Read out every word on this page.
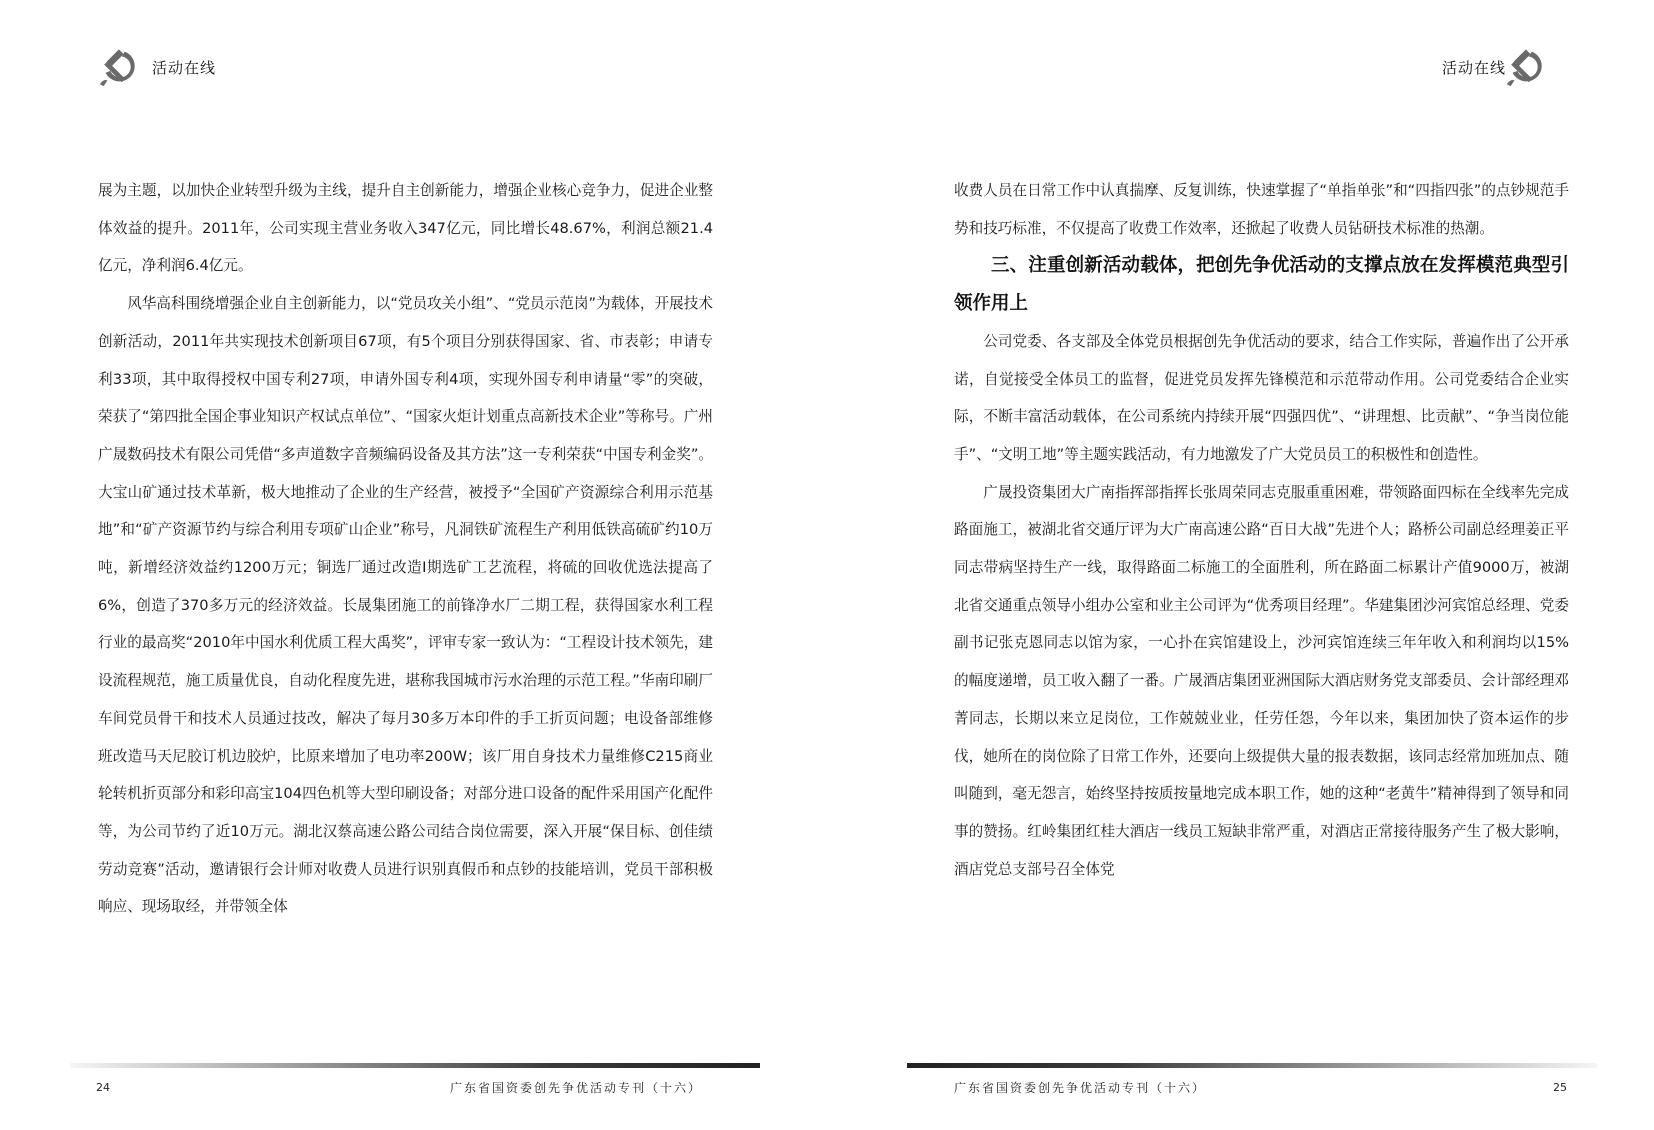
活动在线

展为主题，以加快企业转型升级为主线，提升自主创新能力，增强企业核心竞争力，促进企业整体效益的提升。2011年，公司实现主营业务收入347亿元，同比增长48.67%，利润总额21.4亿元，净利润6.4亿元。

风华高科围绕增强企业自主创新能力，以“党员攻关小组”、“党员示范岗”为载体，开展技术创新活动，2011年共实现技术创新项目67项，有5个项目分别获得国家、省、市表彰；申请专利33项，其中取得授权中国专利27项，申请外国专利4项，实现外国专利申请量“零”的突破，荣获了“第四批全国企事业知识产权试点单位”、“国家火炬计划重点高新技术企业”等称号。广州广晟数码技术有限公司凭借“多声道数字音频编码设备及其方法”这一专利荣获“中国专利金奖”。大宝山矿通过技术革新，极大地推动了企业的生产经营，被授予“全国矿产资源综合利用示范基地”和“矿产资源节约与综合利用专项矿山企业”称号，凡洞铁矿流程生产利用低铁高硫矿约10万吨，新增经济效益约1200万元；铜选厂通过改造Ⅰ期选矿工艺流程，将硫的回收优选法提高了6%，创造了370多万元的经济效益。长晟集团施工的前锋净水厂二期工程，获得国家水利工程行业的最高奖“2010年中国水利优质工程大禹奖”，评审专家一致认为：“工程设计技术领先，建设流程规范，施工质量优良，自动化程度先进，堪称我国城市污水治理的示范工程。”华南印刷厂车间党员骨干和技术人员通过技改，解决了每月30多万本印件的手工折页问题；电设备部维修班改造马天尼胶订机边胶炉，比原来增加了电功率200W；该厂用自身技术力量维修C215商业轮转机折页部分和彩印高宝104四色机等大型印刷设备；对部分进口设备的配件采用国产化配件等，为公司节约了近10万元。湖北汉蔡高速公路公司结合岗位需要，深入开展“保目标、创佳绩劳动竞赛”活动，邀请银行会计师对收费人员进行识别真假币和点钞的技能培训，党员干部积极响应、现场取经，并带领全体

24	广东省国资委创先争优活动专刊（十六）
活动在线

收费人员在日常工作中认真揣摩、反复训练，快速掌握了“单指单张”和“四指四张”的点钞规范手势和技巧标准，不仅提高了收费工作效率，还掀起了收费人员钻研技术标准的热潮。

三、注重创新活动载体，把创先争优活动的支撑点放在发挥模范典型引领作用上

公司党委、各支部及全体党员根据创先争优活动的要求，结合工作实际，普遍作出了公开承诺，自觉接受全体员工的监督，促进党员发挥先锋模范和示范带动作用。公司党委结合企业实际，不断丰富活动载体，在公司系统内持续开展“四强四优”、“讲理想、比贡献”、“争当岗位能手”、“文明工地”等主题实践活动，有力地激发了广大党员员工的积极性和创造性。

广晟投资集团大广南指挥部指挥长张周荣同志克服重重困难，带领路面四标在全线率先完成路面施工，被湖北省交通厅评为大广南高速公路“百日大战”先进个人；路桥公司副总经理姜正平同志带病坚持生产一线，取得路面二标施工的全面胜利，所在路面二标累计产值9000万，被湖北省交通重点领导小组办公室和业主公司评为“优秀项目经理”。华建集团沙河宾馆总经理、党委副书记张克恩同志以馆为家，一心扑在宾馆建设上，沙河宾馆连续三年年收入和利润均以15%的幅度递增，员工收入翻了一番。广晟酒店集团亚洲国际大酒店财务党支部委员、会计部经理邓菁同志，长期以来立足岗位，工作兢兢业业，任劳任怨，今年以来，集团加快了资本运作的步伐，她所在的岗位除了日常工作外，还要向上级提供大量的报表数据，该同志经常加班加点、随叫随到，毫无怨言，始终坚持按质按量地完成本职工作，她的这种“老黄牛”精神得到了领导和同事的赞扬。红岭集团红桂大酒店一线员工短缺非常严重，对酒店正常接待服务产生了极大影响，酒店党总支部号召全体党

广东省国资委创先争优活动专刊（十六）	25
